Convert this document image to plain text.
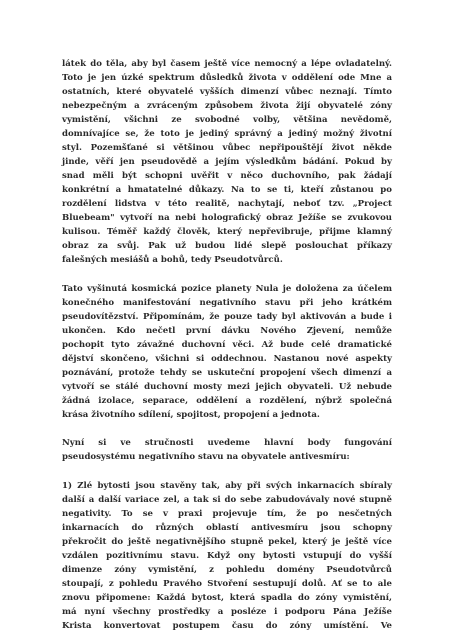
látek do těla, aby byl časem ještě více nemocný a lépe ovladatelný.
Toto je jen úzké spektrum důsledků života v oddělení ode Mne a
ostatních, které obyvatelé vyšších dimenzí vůbec neznají. Tímto
nebezpečným a zvráceným způsobem života žijí obyvatelé zóny
vymistění, všichni ze svobodné volby, většina nevědomě,
domnívajíce se, že toto je jediný správný a jediný možný životní
styl. Pozemšťané si většinou vůbec nepřipouštějí život někde
jinde, věří jen pseudovědě a jejím výsledkům bádání. Pokud by
snad měli být schopni uvěřit v něco duchovního, pak žádají
konkrétní a hmatatelné důkazy. Na to se ti, kteří zůstanou po
rozdělení lidstva v této realitě, nachytají, neboť tzv. „Project
Bluebeam" vytvoří na nebi holografický obraz Ježíše se zvukovou
kulisou. Téměř každý člověk, který nepřevibruje, přijme klamný
obraz za svůj. Pak už budou lidé slepě poslouchat příkazy
falešných mesiášů a bohů, tedy Pseudotvůrců.
Tato vyšinutá kosmická pozice planety Nula je doložena za účelem
konečného manifestování negativního stavu při jeho krátkém
pseudovítězství. Připomínám, že pouze tady byl aktivován a bude i
ukončen. Kdo nečetl první dávku Nového Zjevení, nemůže
pochopit tyto závažné duchovní věci. Až bude celé dramatické
dějství skončeno, všichni si oddechnou. Nastanou nové aspekty
poznávání, protože tehdy se uskuteční propojení všech dimenzí a
vytvoří se stálé duchovní mosty mezi jejich obyvateli. Už nebude
žádná izolace, separace, oddělení a rozdělení, nýbrž společná
krása životního sdílení, spojitost, propojení a jednota.
Nyní si ve stručnosti uvedeme hlavní body fungování
pseudosystému negativního stavu na obyvatele antivesmíru:
1) Zlé bytosti jsou stavěny tak, aby při svých inkarnacích sbíraly
další a další variace zel, a tak si do sebe zabudovávaly nové stupně
negativity. To se v praxi projevuje tím, že po nesčetných
inkarnacích do různých oblastí antivesmíru jsou schopny
překročit do ještě negativnějšího stupně pekel, který je ještě více
vzdálen pozitivnímu stavu. Když ony bytosti vstupují do vyšší
dimenze zóny vymistění, z pohledu domény Pseudotvůrců
stoupají, z pohledu Pravého Stvoření sestupují dolů. Ať se to ale
znovu připomene: Každá bytost, která spadla do zóny vymistění,
má nyní všechny prostředky a posléze i podporu Pána Ježíše
Krista konvertovat postupem času do zóny umístění. Ve
